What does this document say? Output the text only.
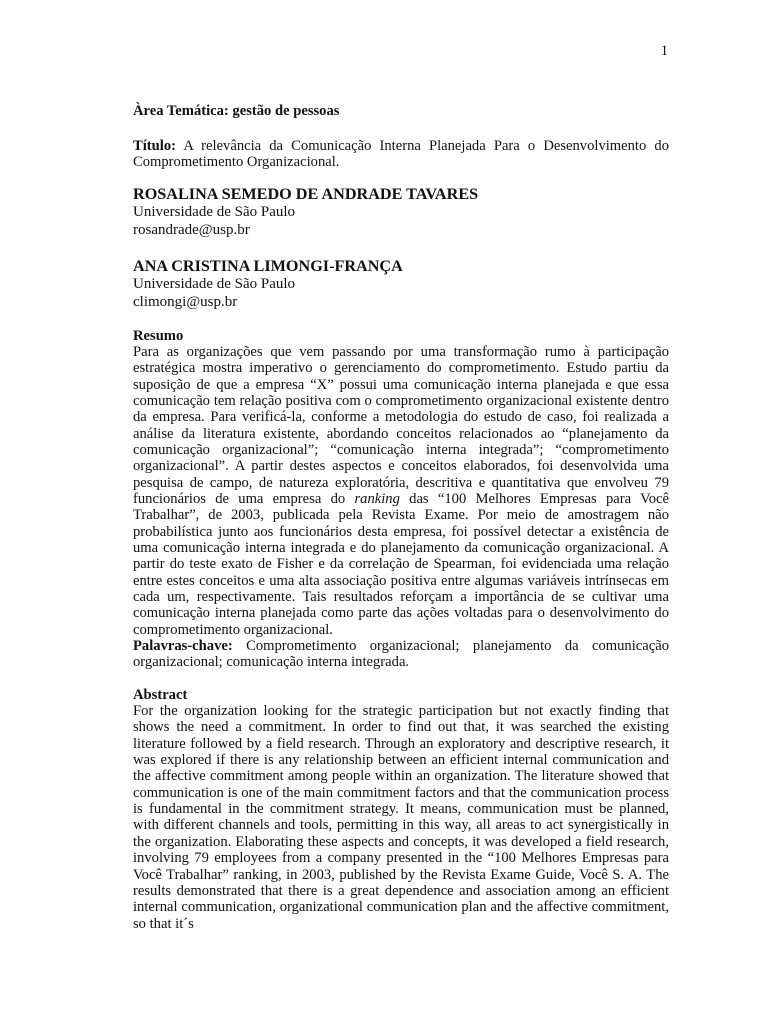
1
Àrea Temática: gestão de pessoas
Título: A relevância da Comunicação Interna Planejada Para o Desenvolvimento do Comprometimento Organizacional.
ROSALINA SEMEDO DE ANDRADE TAVARES
Universidade de São Paulo
rosandrade@usp.br
ANA CRISTINA LIMONGI-FRANÇA
Universidade de São Paulo
climongi@usp.br
Resumo
Para as organizações que vem passando por uma transformação rumo à participação estratégica mostra imperativo o gerenciamento do comprometimento. Estudo partiu da suposição de que a empresa “X” possui uma comunicação interna planejada e que essa comunicação tem relação positiva com o comprometimento organizacional existente dentro da empresa. Para verificá-la, conforme a metodologia do estudo de caso, foi realizada a análise da literatura existente, abordando conceitos relacionados ao “planejamento da comunicação organizacional”; “comunicação interna integrada”; “comprometimento organizacional”. A partir destes aspectos e conceitos elaborados, foi desenvolvida uma pesquisa de campo, de natureza exploratória, descritiva e quantitativa que envolveu 79 funcionários de uma empresa do ranking das “100 Melhores Empresas para Você Trabalhar”, de 2003, publicada pela Revista Exame. Por meio de amostragem não probabilística junto aos funcionários desta empresa, foi possível detectar a existência de uma comunicação interna integrada e do planejamento da comunicação organizacional. A partir do teste exato de Fisher e da correlação de Spearman, foi evidenciada uma relação entre estes conceitos e uma alta associação positiva entre algumas variáveis intrínsecas em cada um, respectivamente. Tais resultados reforçam a importância de se cultivar uma comunicação interna planejada como parte das ações voltadas para o desenvolvimento do comprometimento organizacional.
Palavras-chave: Comprometimento organizacional; planejamento da comunicação organizacional; comunicação interna integrada.
Abstract
For the organization looking for the strategic participation but not exactly finding that shows the need a commitment. In order to find out that, it was searched the existing literature followed by a field research. Through an exploratory and descriptive research, it was explored if there is any relationship between an efficient internal communication and the affective commitment among people within an organization. The literature showed that communication is one of the main commitment factors and that the communication process is fundamental in the commitment strategy. It means, communication must be planned, with different channels and tools, permitting in this way, all areas to act synergistically in the organization. Elaborating these aspects and concepts, it was developed a field research, involving 79 employees from a company presented in the “100 Melhores Empresas para Você Trabalhar” ranking, in 2003, published by the Revista Exame Guide, Você S. A. The results demonstrated that there is a great dependence and association among an efficient internal communication, organizational communication plan and the affective commitment, so that it´s
